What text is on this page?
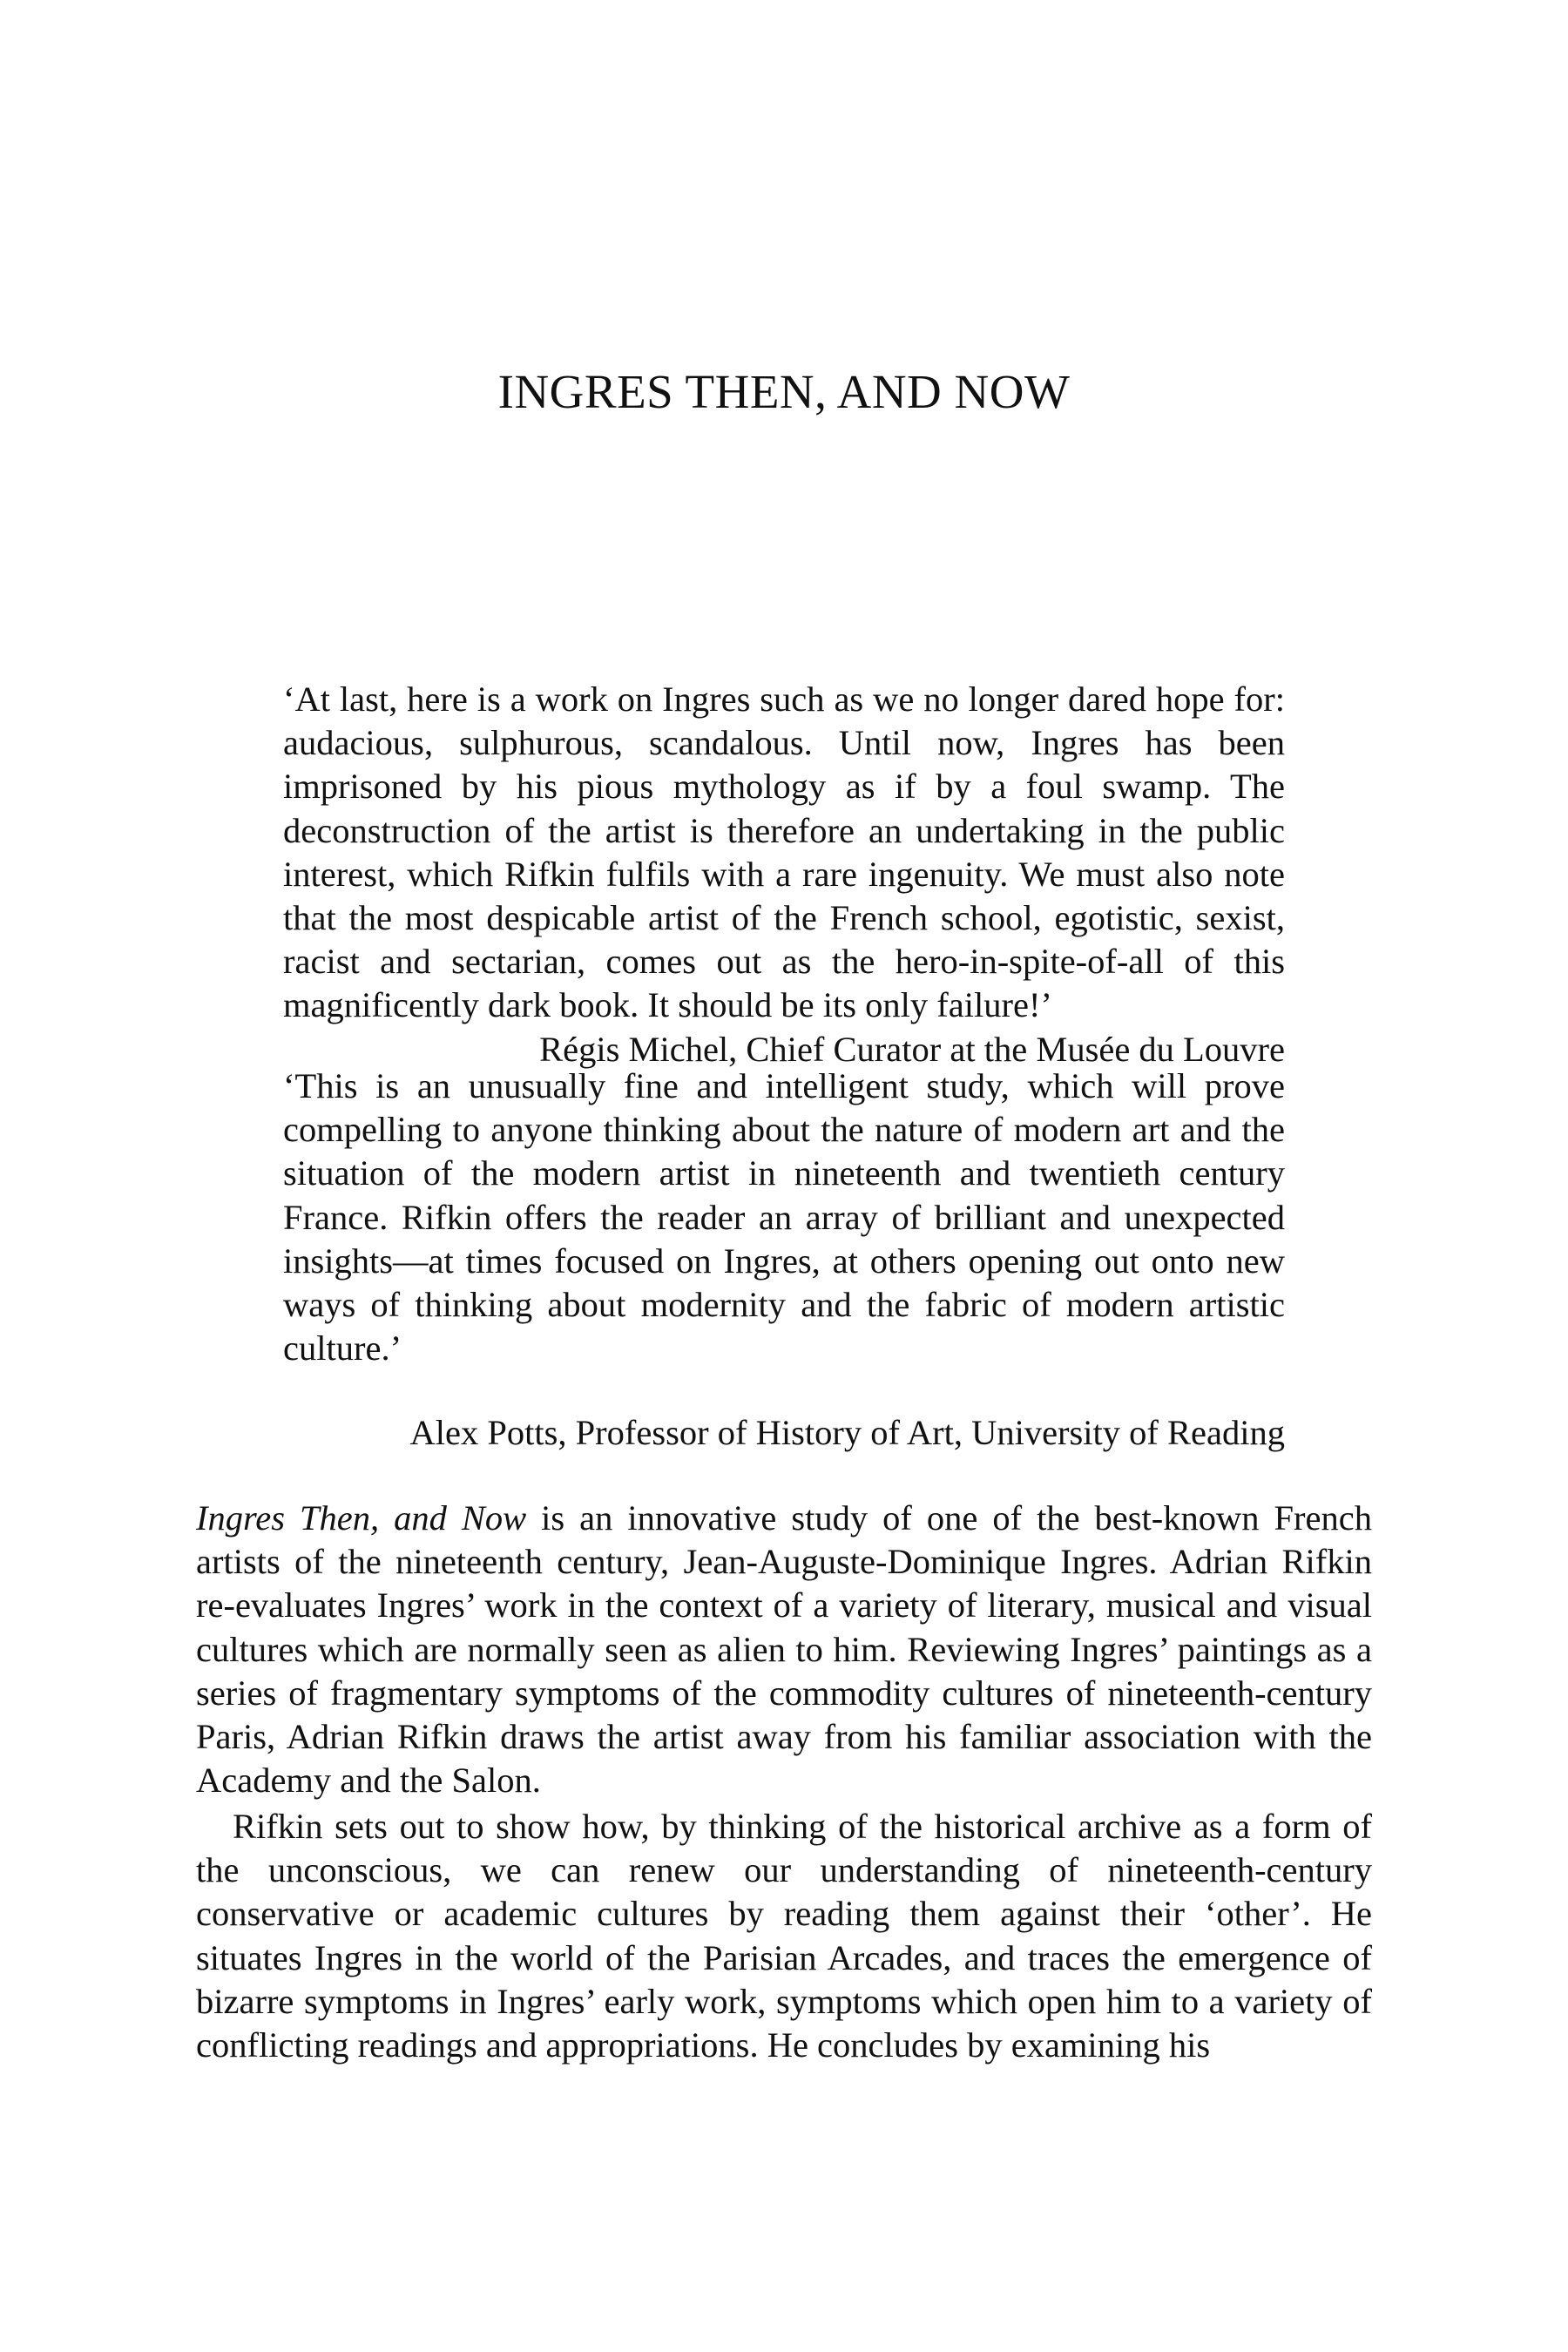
INGRES THEN, AND NOW

‘At last, here is a work on Ingres such as we no longer dared hope for: audacious, sulphurous, scandalous. Until now, Ingres has been imprisoned by his pious mythology as if by a foul swamp. The deconstruction of the artist is therefore an undertaking in the public interest, which Rifkin fulfils with a rare ingenuity. We must also note that the most despicable artist of the French school, egotistic, sexist, racist and sectarian, comes out as the hero-in-spite-of-all of this magnificently dark book. It should be its only failure!’

Régis Michel, Chief Curator at the Musée du Louvre

‘This is an unusually fine and intelligent study, which will prove compelling to anyone thinking about the nature of modern art and the situation of the modern artist in nineteenth and twentieth century France. Rifkin offers the reader an array of brilliant and unexpected insights—at times focused on Ingres, at others opening out onto new ways of thinking about modernity and the fabric of modern artistic culture.’

Alex Potts, Professor of History of Art, University of Reading

Ingres Then, and Now is an innovative study of one of the best-known French artists of the nineteenth century, Jean-Auguste-Dominique Ingres. Adrian Rifkin re-evaluates Ingres’ work in the context of a variety of literary, musical and visual cultures which are normally seen as alien to him. Reviewing Ingres’ paintings as a series of fragmentary symptoms of the commodity cultures of nineteenth-century Paris, Adrian Rifkin draws the artist away from his familiar association with the Academy and the Salon.

Rifkin sets out to show how, by thinking of the historical archive as a form of the unconscious, we can renew our understanding of nineteenth-century conservative or academic cultures by reading them against their ‘other’. He situates Ingres in the world of the Parisian Arcades, and traces the emergence of bizarre symptoms in Ingres’ early work, symptoms which open him to a variety of conflicting readings and appropriations. He concludes by examining his
